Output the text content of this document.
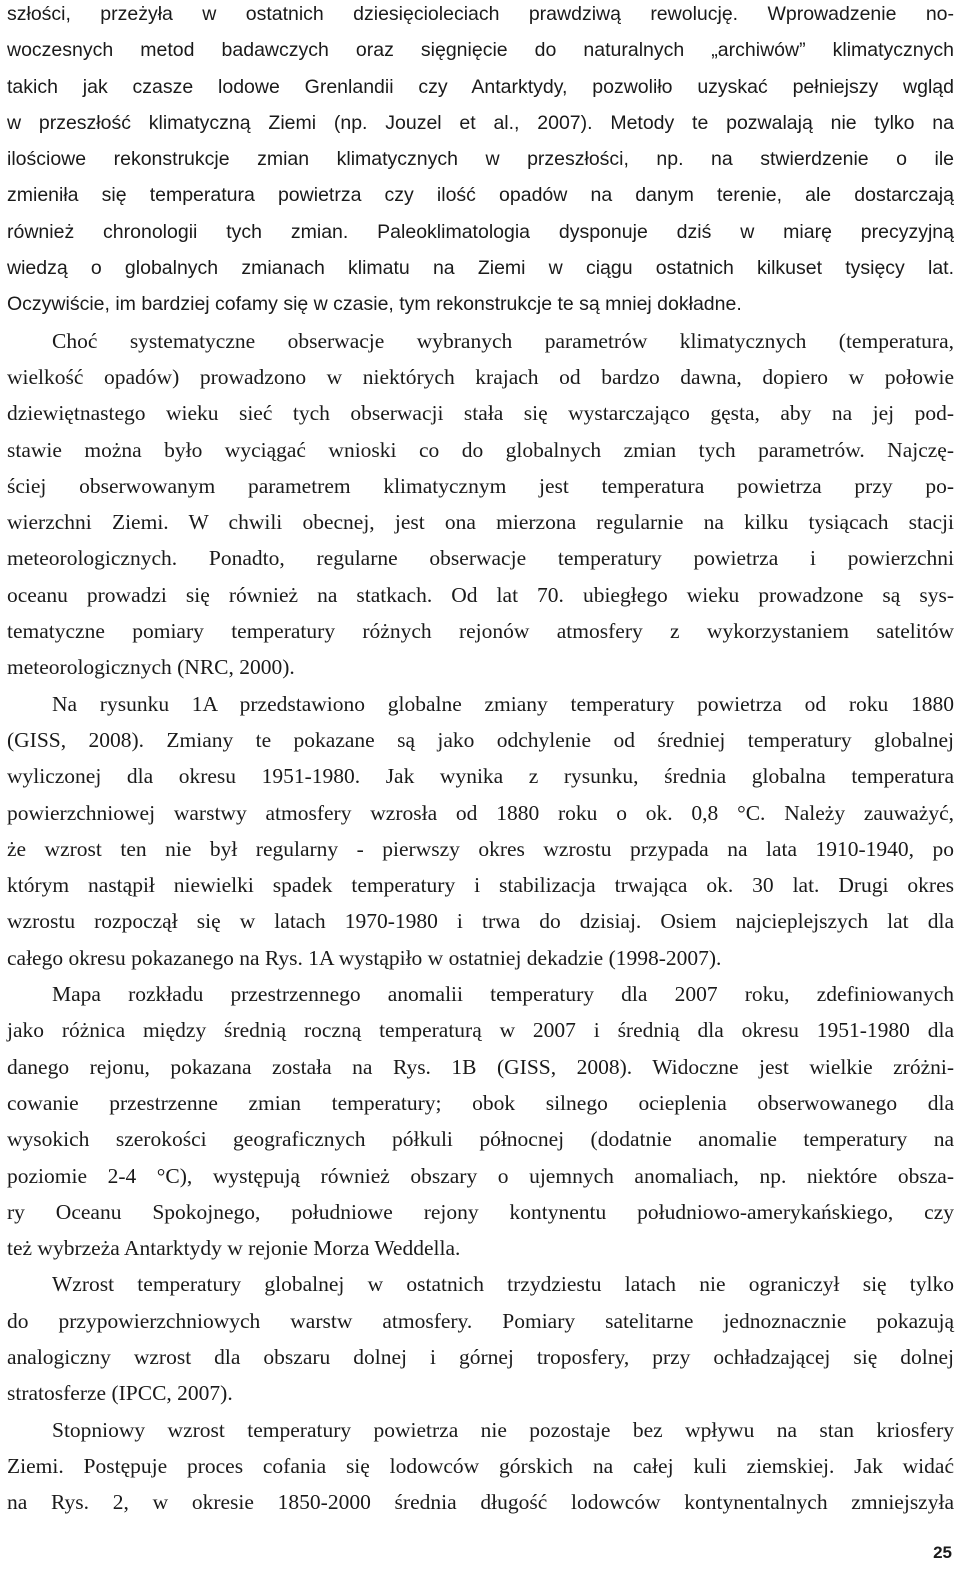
szłości, przeżyła w ostatnich dziesięcioleciach prawdziwą rewolucję. Wprowadzenie no-
woczesnych metod badawczych oraz sięgnięcie do naturalnych „archiwów” klimatycznych
takich jak czasze lodowe Grenlandii czy Antarktydy, pozwoliło uzyskać pełniejszy wgląd
w przeszłość klimatyczną Ziemi (np. Jouzel et al., 2007). Metody te pozwalają nie tylko na
ilościowe rekonstrukcje zmian klimatycznych w przeszłości, np. na stwierdzenie o ile
zmieniła się temperatura powietrza czy ilość opadów na danym terenie, ale dostarczają
również chronologii tych zmian. Paleoklimatologia dysponuje dziś w miarę precyzyjną
wiedzą o globalnych zmianach klimatu na Ziemi w ciągu ostatnich kilkuset tysięcy lat.
Oczywiście, im bardziej cofamy się w czasie, tym rekonstrukcje te są mniej dokładne.
Choć systematyczne obserwacje wybranych parametrów klimatycznych (temperatura,
wielkość opadów) prowadzono w niektórych krajach od bardzo dawna, dopiero w połowie
dziewiętnastego wieku sieć tych obserwacji stała się wystarczająco gęsta, aby na jej pod-
stawie można było wyciągać wnioski co do globalnych zmian tych parametrów. Najczę-
ściej obserwowanym parametrem klimatycznym jest temperatura powietrza przy po-
wierzchni Ziemi. W chwili obecnej, jest ona mierzona regularnie na kilku tysiącach stacji
meteorologicznych. Ponadto, regularne obserwacje temperatury powietrza i powierzchni
oceanu prowadzi się również na statkach. Od lat 70. ubiegłego wieku prowadzone są sys-
tematyczne pomiary temperatury różnych rejonów atmosfery z wykorzystaniem satelitów
meteorologicznych (NRC, 2000).
Na rysunku 1A przedstawiono globalne zmiany temperatury powietrza od roku 1880
(GISS, 2008). Zmiany te pokazane są jako odchylenie od średniej temperatury globalnej
wyliczonej dla okresu 1951-1980. Jak wynika z rysunku, średnia globalna temperatura
powierzchniowej warstwy atmosfery wzrosła od 1880 roku o ok. 0,8 °C. Należy zauważyć,
że wzrost ten nie był regularny - pierwszy okres wzrostu przypada na lata 1910-1940, po
którym nastąpił niewielki spadek temperatury i stabilizacja trwająca ok. 30 lat. Drugi okres
wzrostu rozpoczął się w latach 1970-1980 i trwa do dzisiaj. Osiem najcieplejszych lat dla
całego okresu pokazanego na Rys. 1A wystąpiło w ostatniej dekadzie (1998-2007).
Mapa rozkładu przestrzennego anomalii temperatury dla 2007 roku, zdefiniowanych
jako różnica między średnią roczną temperaturą w 2007 i średnią dla okresu 1951-1980 dla
danego rejonu, pokazana została na Rys. 1B (GISS, 2008). Widoczne jest wielkie zróżni-
cowanie przestrzenne zmian temperatury; obok silnego ocieplenia obserwowanego dla
wysokich szerokości geograficznych półkuli północnej (dodatnie anomalie temperatury na
poziomie 2-4 °C), występują również obszary o ujemnych anomaliach, np. niektóre obsza-
ry Oceanu Spokojnego, południowe rejony kontynentu południowo-amerykańskiego, czy
też wybrzeża Antarktydy w rejonie Morza Weddella.
Wzrost temperatury globalnej w ostatnich trzydziestu latach nie ograniczył się tylko
do przypowierzchniowych warstw atmosfery. Pomiary satelitarne jednoznacznie pokazują
analogiczny wzrost dla obszaru dolnej i górnej troposfery, przy ochładzającej się dolnej
stratosferze (IPCC, 2007).
Stopniowy wzrost temperatury powietrza nie pozostaje bez wpływu na stan kriosfery
Ziemi. Postępuje proces cofania się lodowców górskich na całej kuli ziemskiej. Jak widać
na Rys. 2, w okresie 1850-2000 średnia długość lodowców kontynentalnych zmniejszyła
25
